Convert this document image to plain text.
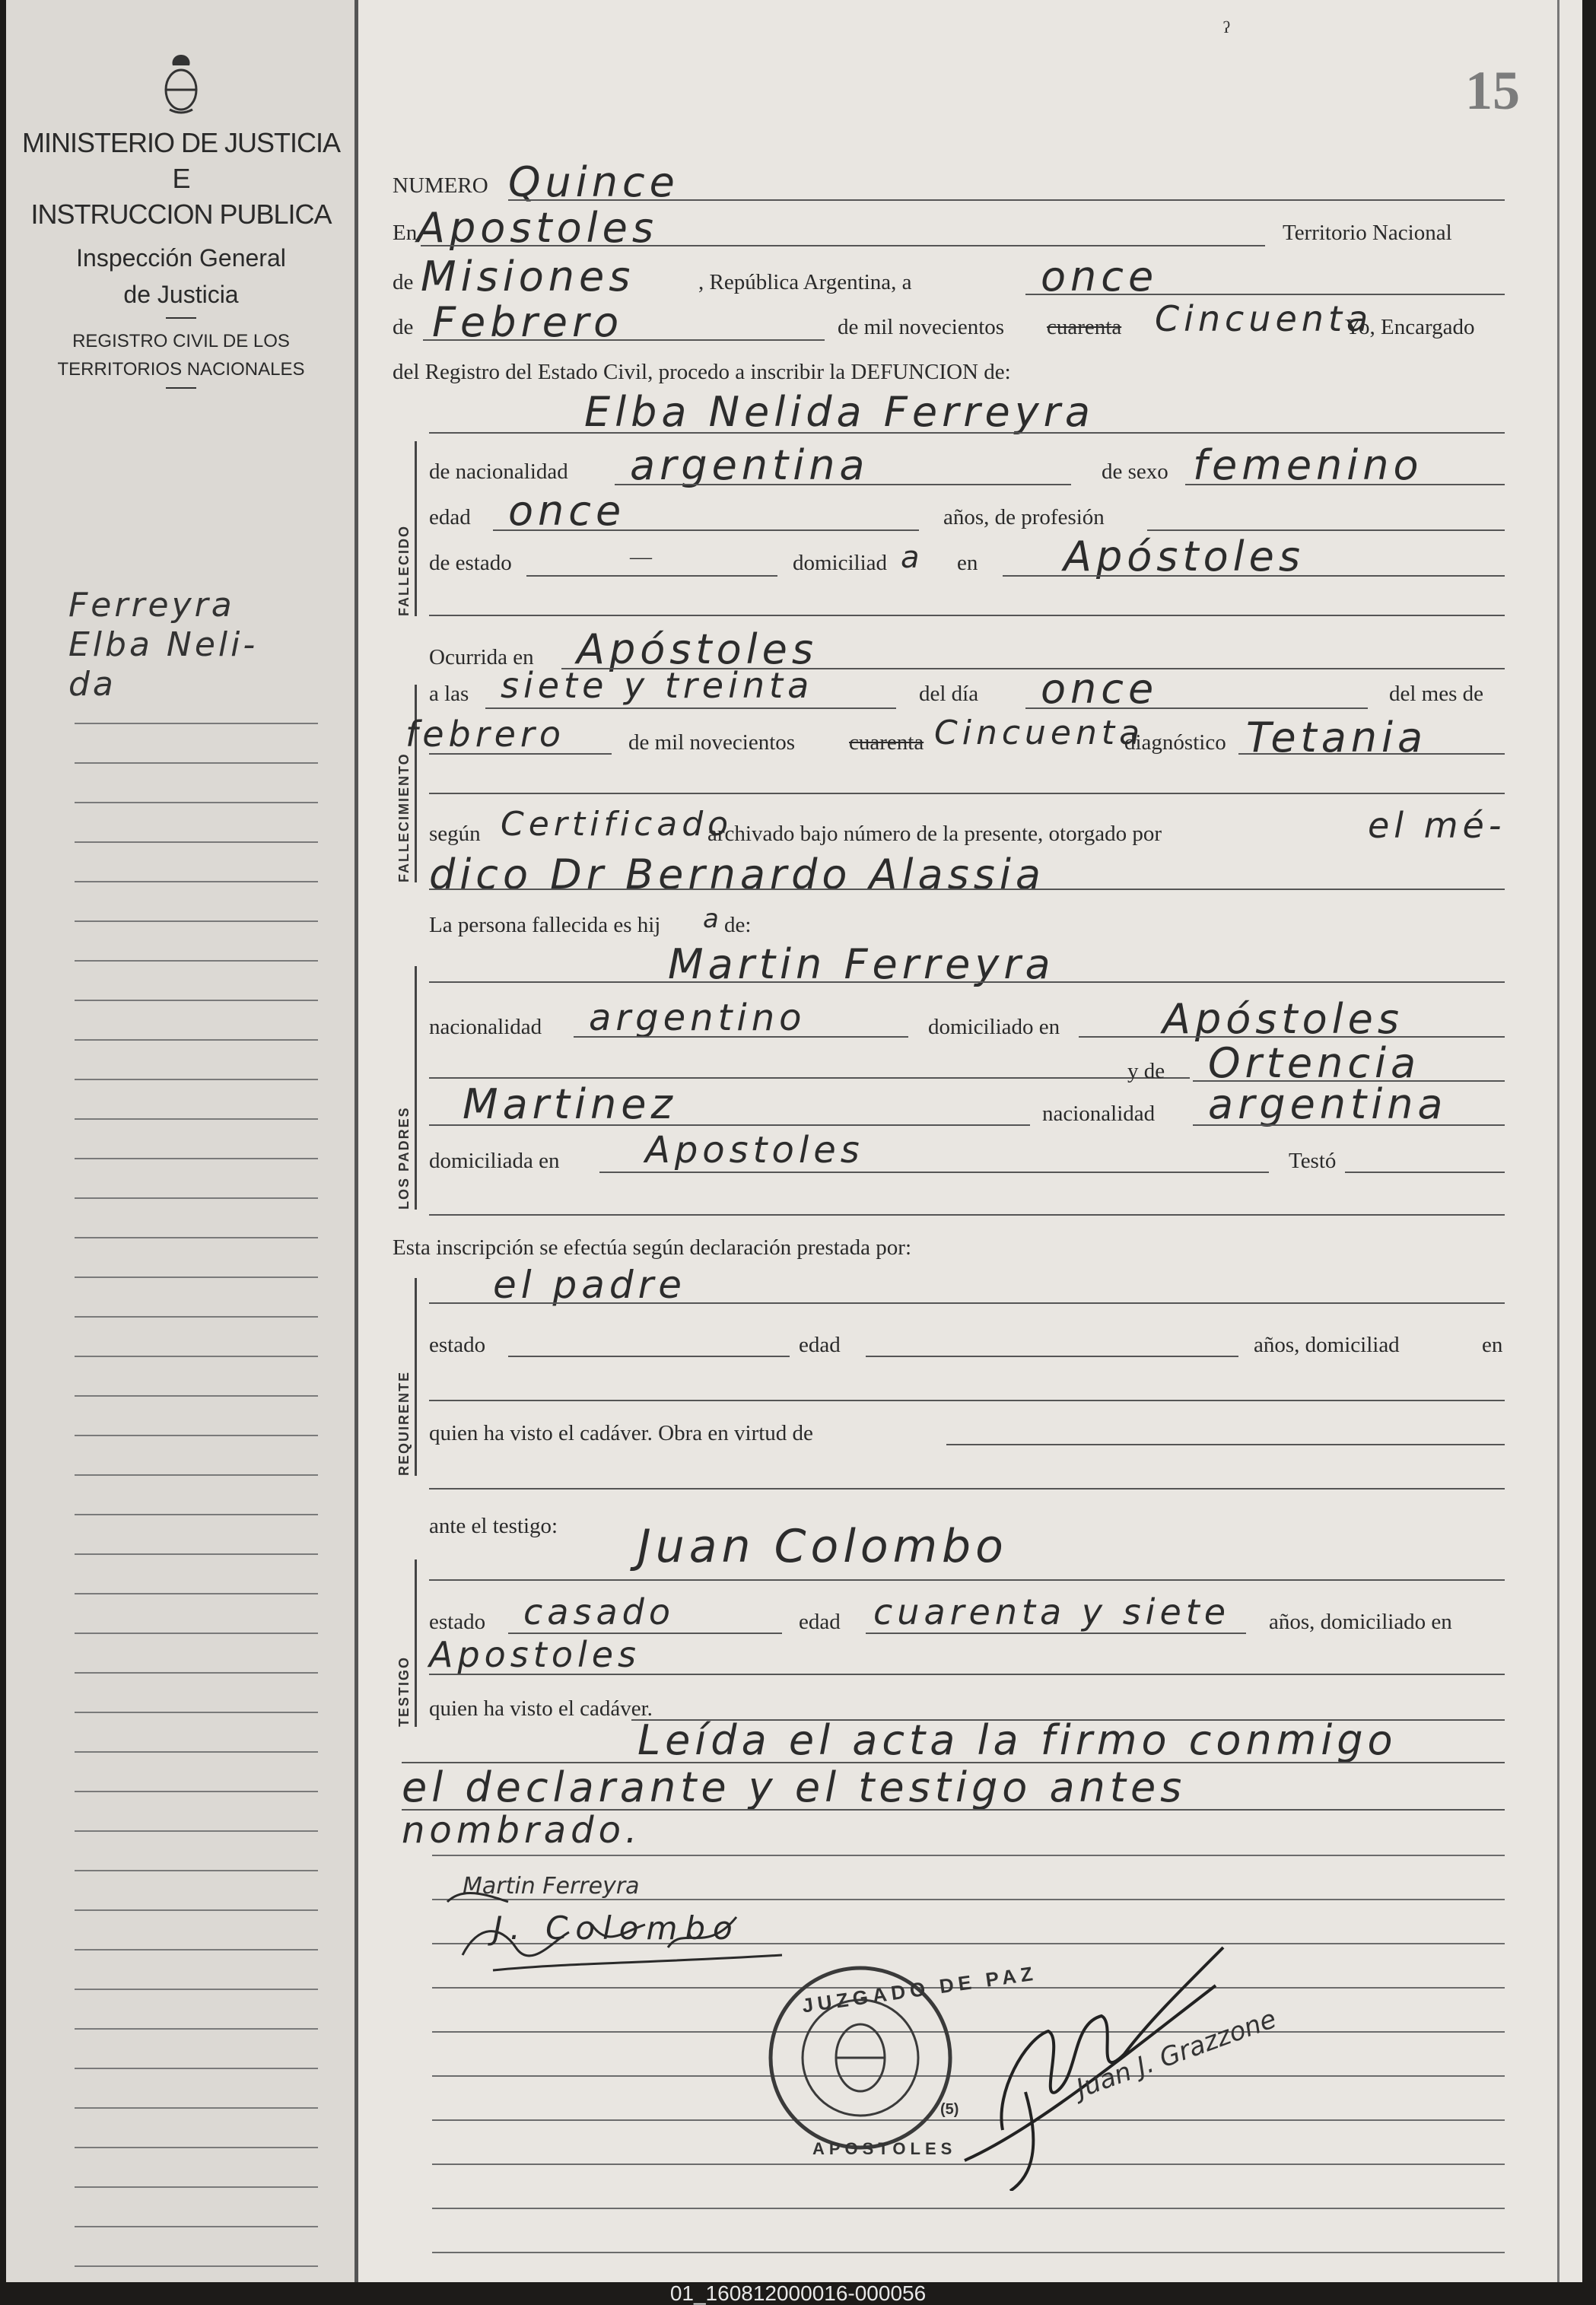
MINISTERIO DE JUSTICIA
E
INSTRUCCION PUBLICA
Inspección General
de Justicia
REGISTRO CIVIL DE LOS
TERRITORIOS NACIONALES
Ferreyra
Elba Neli-
da
ˀ
15
NUMERO Quince
En Apostoles	Territorio Nacional
de Misiones	, República Argentina, a	once
de Febrero	de mil novecientos cuarenta Cincuenta
Yo, Encargado
del Registro del Estado Civil, procedo a inscribir la DEFUNCION de:
FALLECIDO
Elba Nelida Ferreyra
de nacionalidad argentina	de sexo femenino
edad once	años, de profesión
de estado	—	domiciliad a en Apóstoles
FALLECIMIENTO
Ocurrida en Apóstoles
a las siete y treinta	del día once	del mes de
febrero	de mil novecientos cuarenta Cincuenta
diagnóstico Tetania
según Certificado
archivado bajo número de la presente, otorgado por	el mé-
dico Dr Bernardo Alassia
La persona fallecida es hij a de:
LOS PADRES
Martin Ferreyra
nacionalidad argentino	domiciliado en Apóstoles
y de Ortencia
Martinez	nacionalidad argentina
domiciliada en Apostoles	Testó
Esta inscripción se efectúa según declaración prestada por:
REQUIRENTE
el padre
estado	edad	años, domiciliad	en
quien ha visto el cadáver. Obra en virtud de
ante el testigo:
TESTIGO
Juan Colombo
estado casado	edad cuarenta y siete años, domiciliado en
Apostoles
quien ha visto el cadáver.
Leída el acta la firmo conmigo
el declarante y el testigo antes
nombrado.
Martin Ferreyra
J. Colombo
Juan J. Grazzone
JUZGADO DE PAZ
APOSTOLES
(5)
01_160812000016-000056
